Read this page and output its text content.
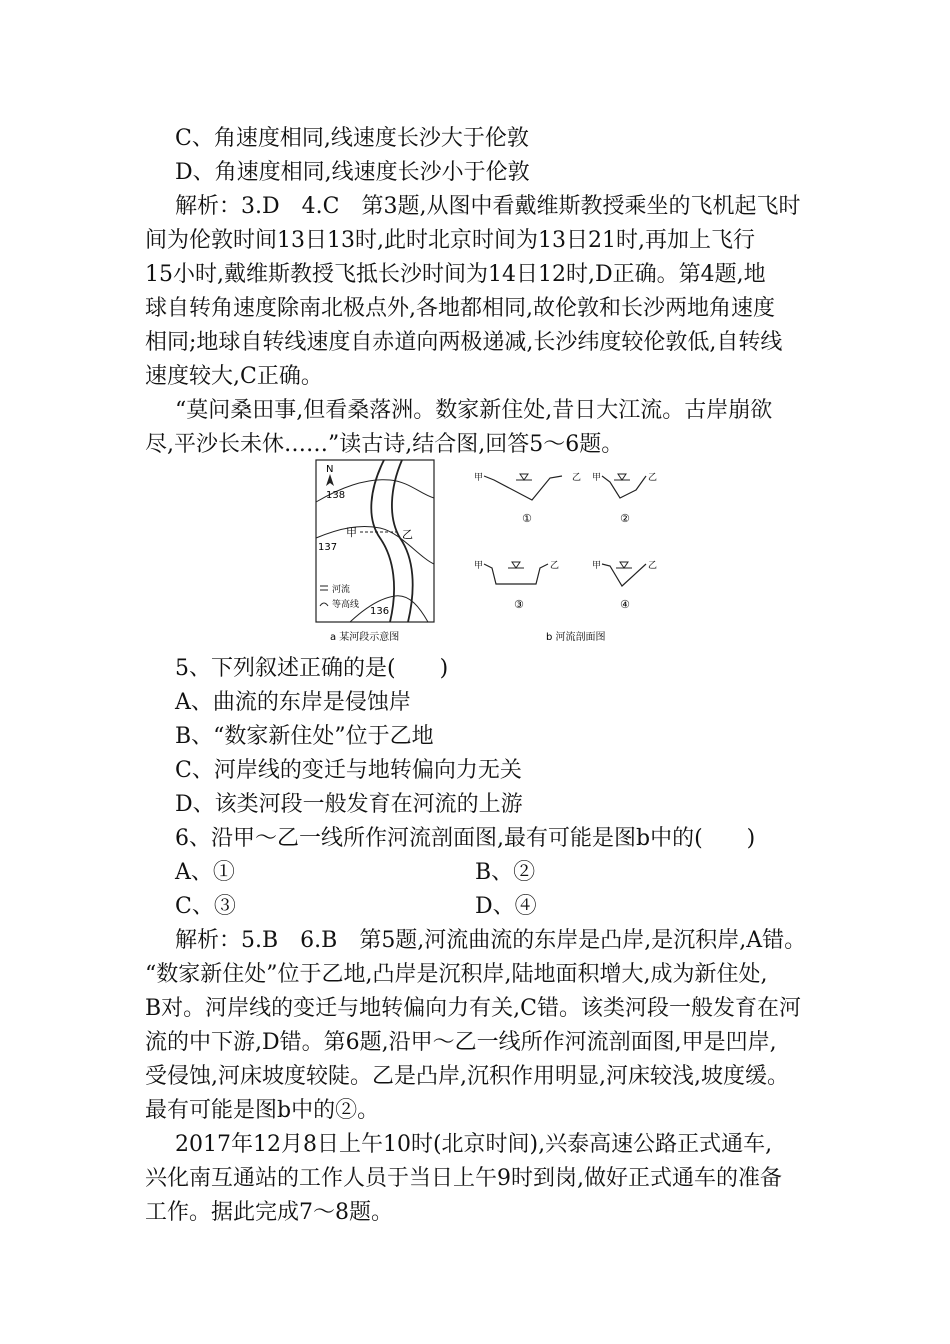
C、角速度相同,线速度长沙大于伦敦
D、角速度相同,线速度长沙小于伦敦
解析：3.D　4.C　第3题,从图中看戴维斯教授乘坐的飞机起飞时
间为伦敦时间13日13时,此时北京时间为13日21时,再加上飞行
15小时,戴维斯教授飞抵长沙时间为14日12时,D正确。第4题,地
球自转角速度除南北极点外,各地都相同,故伦敦和长沙两地角速度
相同;地球自转线速度自赤道向两极递减,长沙纬度较伦敦低,自转线
速度较大,C正确。
“莫问桑田事,但看桑落洲。数家新住处,昔日大江流。古岸崩欲
尽,平沙长未休……”读古诗,结合图,回答5～6题。
N
138
137
136
甲	乙
河流
等高线
a 某河段示意图
甲	乙
①
甲	乙
②
甲	乙
③
甲	乙
④
b 河流剖面图
5、下列叙述正确的是(　　)
A、曲流的东岸是侵蚀岸
B、“数家新住处”位于乙地
C、河岸线的变迁与地转偏向力无关
D、该类河段一般发育在河流的上游
6、沿甲～乙一线所作河流剖面图,最有可能是图b中的(　　)
A、①	B、②
C、③	D、④
解析：5.B　6.B　第5题,河流曲流的东岸是凸岸,是沉积岸,A错。
“数家新住处”位于乙地,凸岸是沉积岸,陆地面积增大,成为新住处,
B对。河岸线的变迁与地转偏向力有关,C错。该类河段一般发育在河
流的中下游,D错。第6题,沿甲～乙一线所作河流剖面图,甲是凹岸,
受侵蚀,河床坡度较陡。乙是凸岸,沉积作用明显,河床较浅,坡度缓。
最有可能是图b中的②。
2017年12月8日上午10时(北京时间),兴泰高速公路正式通车,
兴化南互通站的工作人员于当日上午9时到岗,做好正式通车的准备
工作。据此完成7～8题。
